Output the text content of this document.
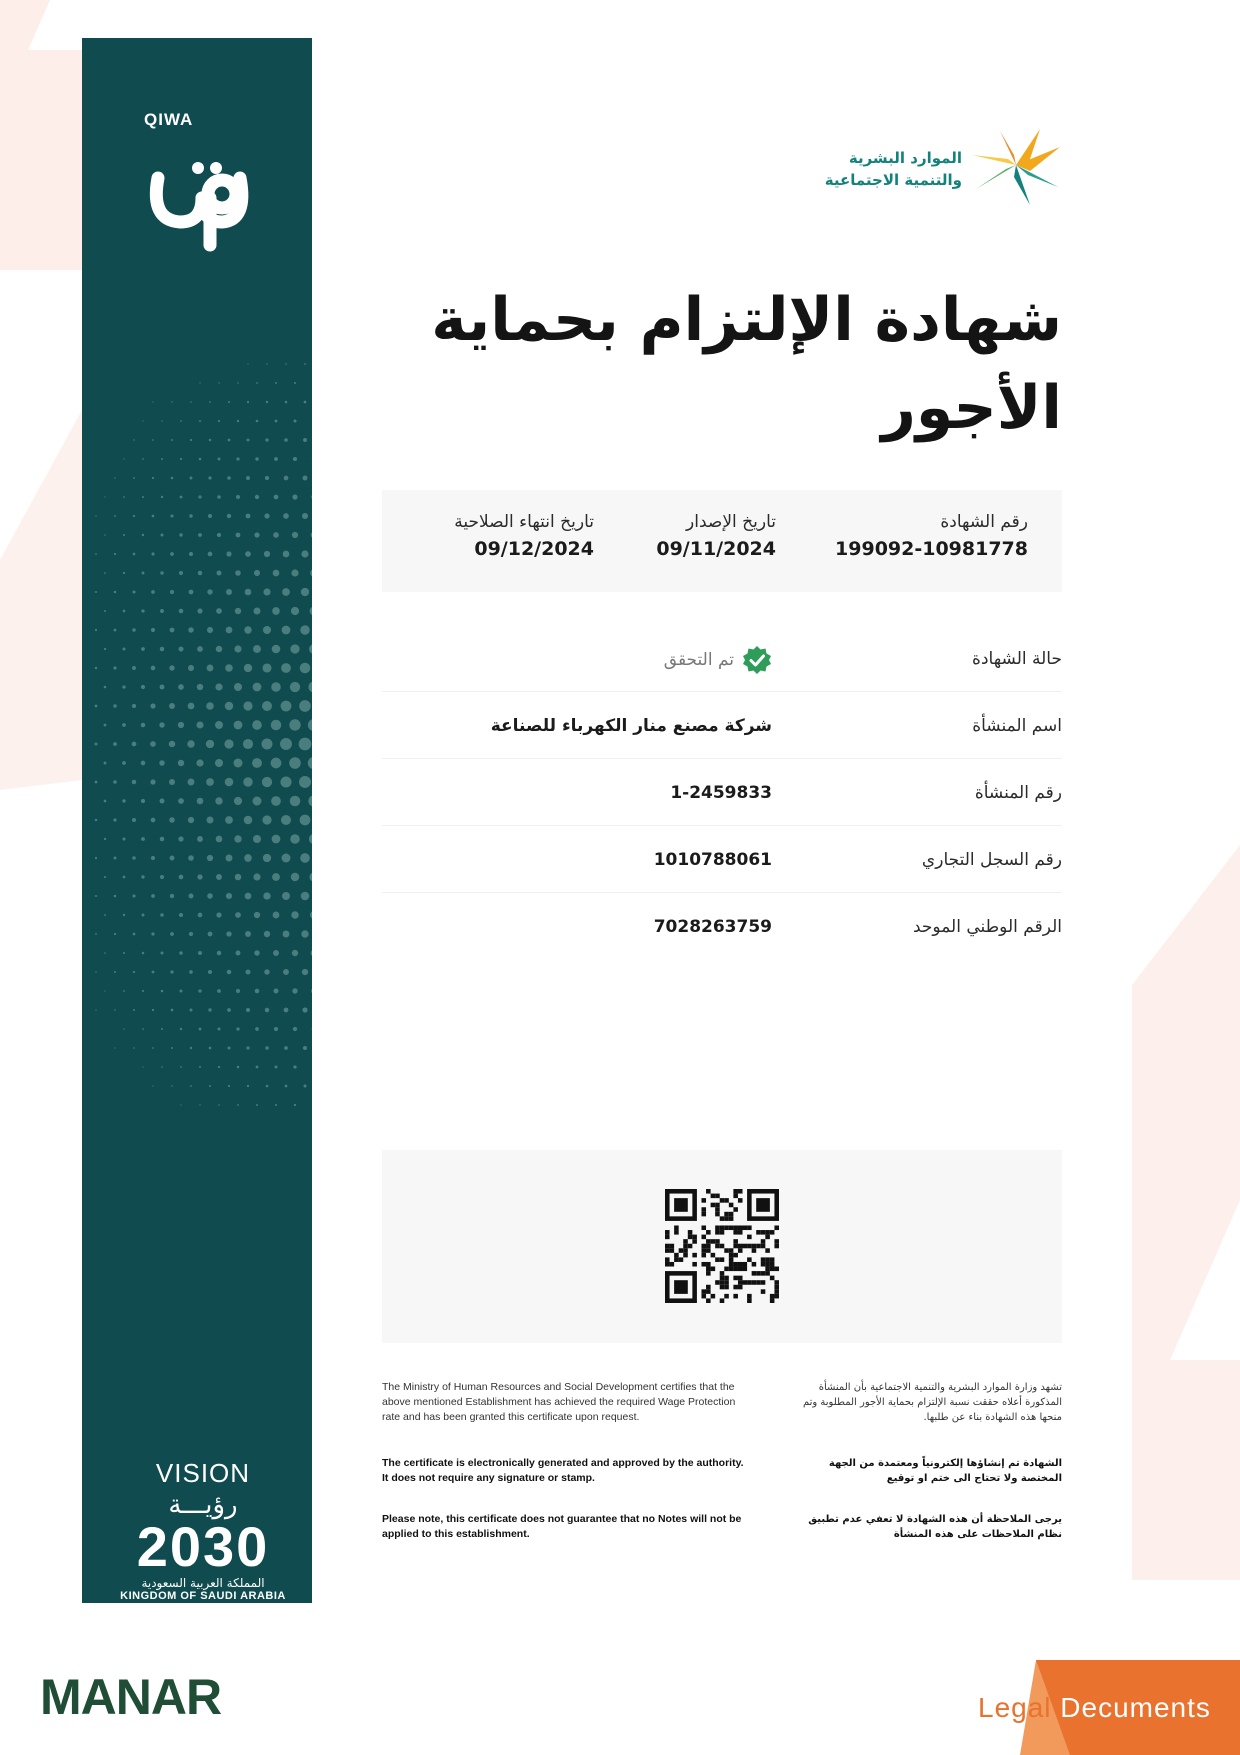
QIWA
VISION رؤيـــة
2030
المملكة العربية السعودية
KINGDOM OF SAUDI ARABIA
الموارد البشرية
والتنمية الاجتماعية
شهادة الإلتزام بحماية الأجور
رقم الشهادة
199092-10981778
تاريخ الإصدار
09/11/2024
تاريخ انتهاء الصلاحية
09/12/2024
حالة الشهادة
تم التحقق
اسم المنشأة
شركة مصنع منار الكهرباء للصناعة
رقم المنشأة
1-2459833
رقم السجل التجاري
1010788061
الرقم الوطني الموحد
7028263759
The Ministry of Human Resources and Social Development certifies that the above mentioned Establishment has achieved the required Wage Protection rate and has been granted this certificate upon request.
تشهد وزارة الموارد البشرية والتنمية الاجتماعية بأن المنشأة المذكورة أعلاه حققت نسبة الإلتزام بحماية الأجور المطلوبة وتم منحها هذه الشهادة بناء عن طلبها.
The certificate is electronically generated and approved by the authority. It does not require any signature or stamp.
الشهادة تم إنشاؤها إلكترونياً ومعتمدة من الجهة المختصة ولا تحتاج الى ختم او توقيع
Please note, this certificate does not guarantee that no Notes will not be applied to this establishment.
يرجى الملاحظة أن هذه الشهادة لا تعفي عدم تطبيق نظام الملاحظات على هذه المنشأة
MANAR	Legal Decuments
